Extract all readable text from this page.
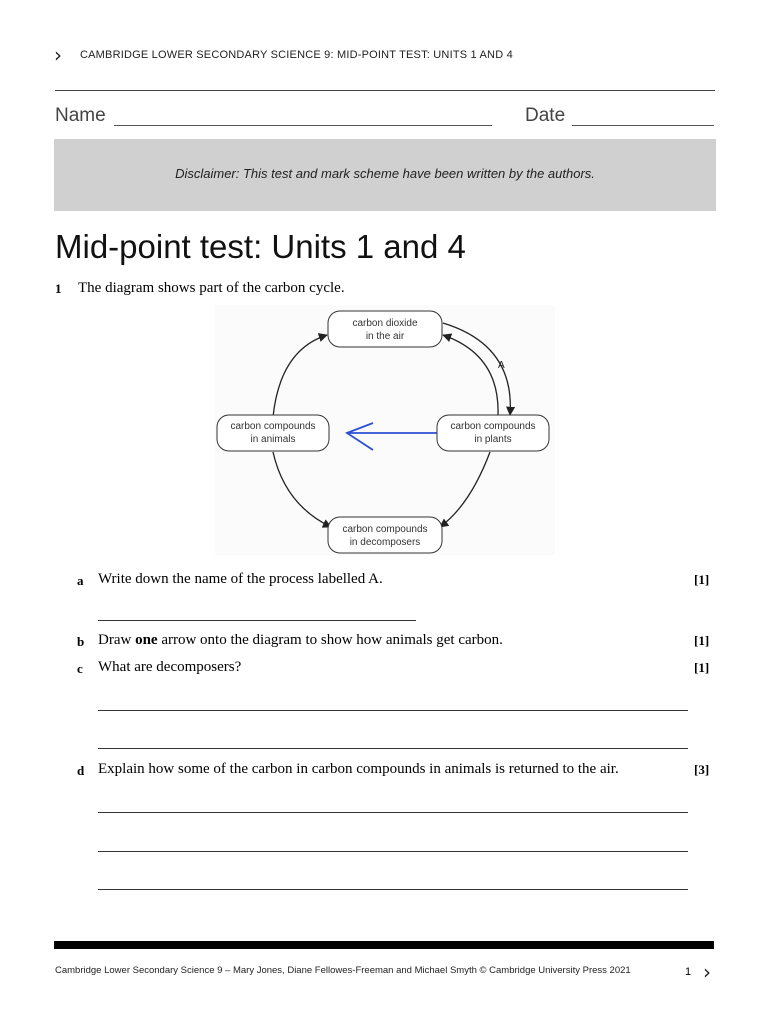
› CAMBRIDGE LOWER SECONDARY SCIENCE 9: MID-POINT TEST: UNITS 1 AND 4
Name	Date
Disclaimer: This test and mark scheme have been written by the authors.
Mid-point test: Units 1 and 4
1 The diagram shows part of the carbon cycle.
A
carbon dioxide
in the air
carbon compounds
in animals
carbon compounds
in plants
carbon compounds
in decomposers
a Write down the name of the process labelled A.	[1]
b Draw one arrow onto the diagram to show how animals get carbon.	[1]
c What are decomposers?	[1]
d Explain how some of the carbon in carbon compounds in animals is returned to the air.	[3]
Cambridge Lower Secondary Science 9 – Mary Jones, Diane Fellowes-Freeman and Michael Smyth © Cambridge University Press 2021	1 ›
